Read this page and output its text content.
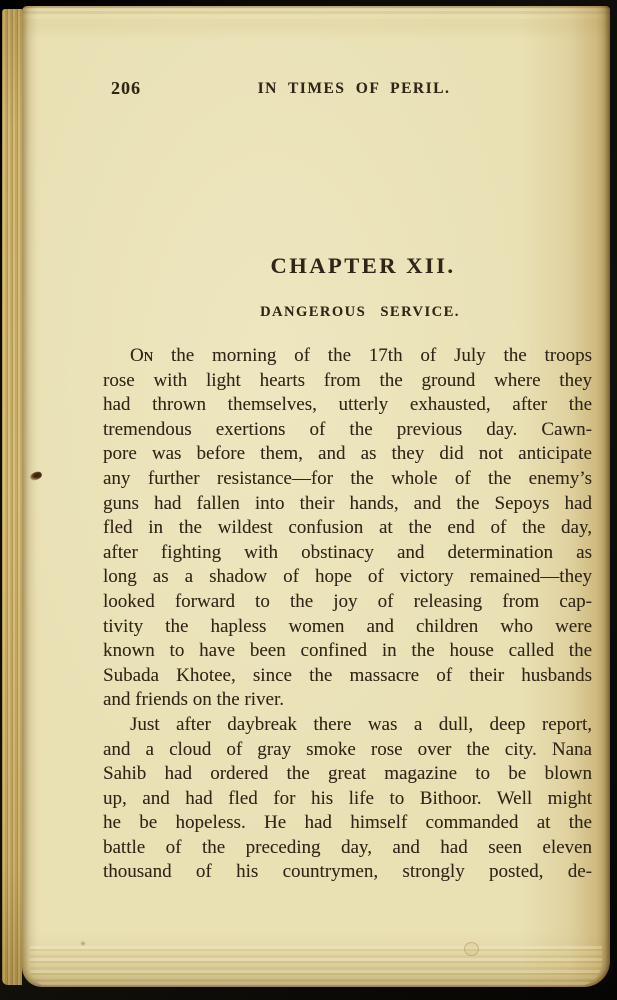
206	IN TIMES OF PERIL.
CHAPTER XII.
DANGEROUS SERVICE.
Oɴ the morning of the 17th of July the troops
rose with light hearts from the ground where they
had thrown themselves, utterly exhausted, after the
tremendous exertions of the previous day. Cawn-
pore was before them, and as they did not anticipate
any further resistance—for the whole of the enemy’s
guns had fallen into their hands, and the Sepoys had
fled in the wildest confusion at the end of the day,
after fighting with obstinacy and determination as
long as a shadow of hope of victory remained—they
looked forward to the joy of releasing from cap-
tivity the hapless women and children who were
known to have been confined in the house called the
Subada Khotee, since the massacre of their husbands
and friends on the river.
Just after daybreak there was a dull, deep report,
and a cloud of gray smoke rose over the city. Nana
Sahib had ordered the great magazine to be blown
up, and had fled for his life to Bithoor. Well might
he be hopeless. He had himself commanded at the
battle of the preceding day, and had seen eleven
thousand of his countrymen, strongly posted, de-
